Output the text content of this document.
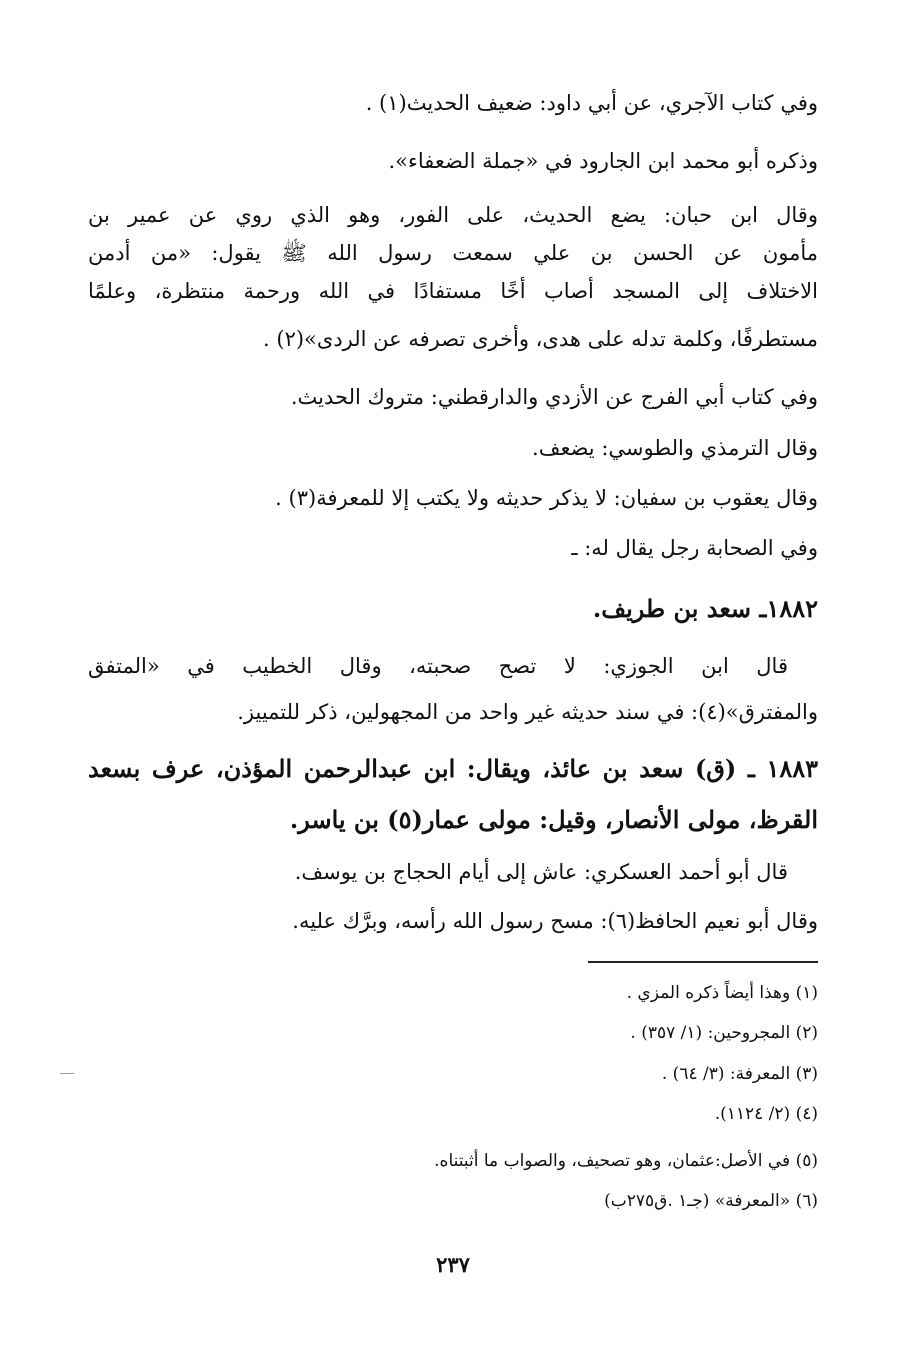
وفي كتاب الآجري، عن أبي داود: ضعيف الحديث(١) .
وذكره أبو محمد ابن الجارود في «جملة الضعفاء».
وقال ابن حبان: يضع الحديث، على الفور، وهو الذي روي عن عمير بن
مأمون عن الحسن بن علي سمعت رسول الله ﷺ يقول: «من أدمن
الاختلاف إلى المسجد أصاب أخًا مستفادًا في الله ورحمة منتظرة، وعلمًا
مستطرفًا، وكلمة تدله على هدى، وأخرى تصرفه عن الردى»(٢) .
وفي كتاب أبي الفرج عن الأزدي والدارقطني: متروك الحديث.
وقال الترمذي والطوسي: يضعف.
وقال يعقوب بن سفيان: لا يذكر حديثه ولا يكتب إلا للمعرفة(٣) .
وفي الصحابة رجل يقال له: ـ
١٨٨٢ـ سعد بن طريف.
قال ابن الجوزي: لا تصح صحبته، وقال الخطيب في «المتفق
والمفترق»(٤): في سند حديثه غير واحد من المجهولين، ذكر للتمييز.
١٨٨٣ ـ (ق) سعد بن عائذ، ويقال: ابن عبدالرحمن المؤذن، عرف بسعد
القرظ، مولى الأنصار، وقيل: مولى عمار(٥) بن ياسر.
قال أبو أحمد العسكري: عاش إلى أيام الحجاج بن يوسف.
وقال أبو نعيم الحافظ(٦): مسح رسول الله رأسه، وبرَّك عليه.
(١) وهذا أيضاً ذكره المزي .
(٢) المجروحين: (١/ ٣٥٧) .
(٣) المعرفة: (٣/ ٦٤) .
(٤) (٢/ ١١٢٤).
(٥) في الأصل:عثمان، وهو تصحيف، والصواب ما أثبتناه.
(٦) «المعرفة» (جـ١ .ق٢٧٥ب)
٢٣٧
